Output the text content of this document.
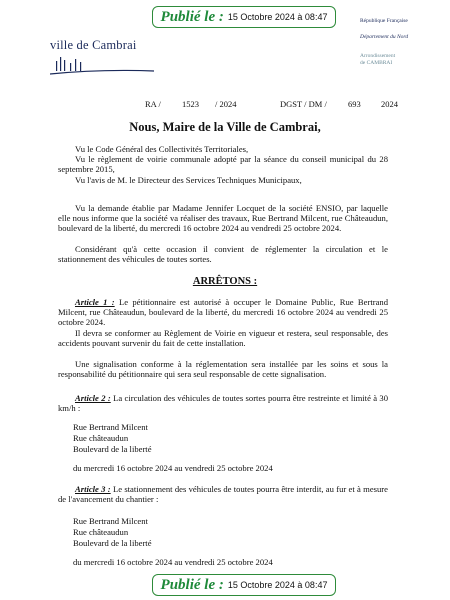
Publié le : 15 Octobre 2024 à 08:47
ville de Cambrai
République Française
Département du Nord
Arrondissement
de CAMBRAI
RA / 1523 / 2024	DGST / DM / 693 2024
Nous, Maire de la Ville de Cambrai,
Vu le Code Général des Collectivités Territoriales,
Vu le règlement de voirie communale adopté par la séance du conseil municipal du 28 septembre 2015,
Vu l'avis de M. le Directeur des Services Techniques Municipaux,
Vu la demande établie par Madame Jennifer Locquet de la société ENSIO, par laquelle elle nous informe que la société va réaliser des travaux, Rue Bertrand Milcent, rue Châteaudun, boulevard de la liberté, du mercredi 16 octobre 2024 au vendredi 25 octobre 2024.
Considérant qu'à cette occasion il convient de réglementer la circulation et le stationnement des véhicules de toutes sortes.
ARRÊTONS :
Article 1 : Le pétitionnaire est autorisé à occuper le Domaine Public, Rue Bertrand Milcent, rue Châteaudun, boulevard de la liberté, du mercredi 16 octobre 2024 au vendredi 25 octobre 2024.
Il devra se conformer au Règlement de Voirie en vigueur et restera, seul responsable, des accidents pouvant survenir du fait de cette installation.
Une signalisation conforme à la réglementation sera installée par les soins et sous la responsabilité du pétitionnaire qui sera seul responsable de cette signalisation.
Article 2 : La circulation des véhicules de toutes sortes pourra être restreinte et limité à 30 km/h :
Rue Bertrand Milcent
Rue châteaudun
Boulevard de la liberté
du mercredi 16 octobre 2024 au vendredi 25 octobre 2024
Article 3 : Le stationnement des véhicules de toutes pourra être interdit, au fur et à mesure de l'avancement du chantier :
Rue Bertrand Milcent
Rue châteaudun
Boulevard de la liberté
du mercredi 16 octobre 2024 au vendredi 25 octobre 2024
Publié le : 15 Octobre 2024 à 08:47
